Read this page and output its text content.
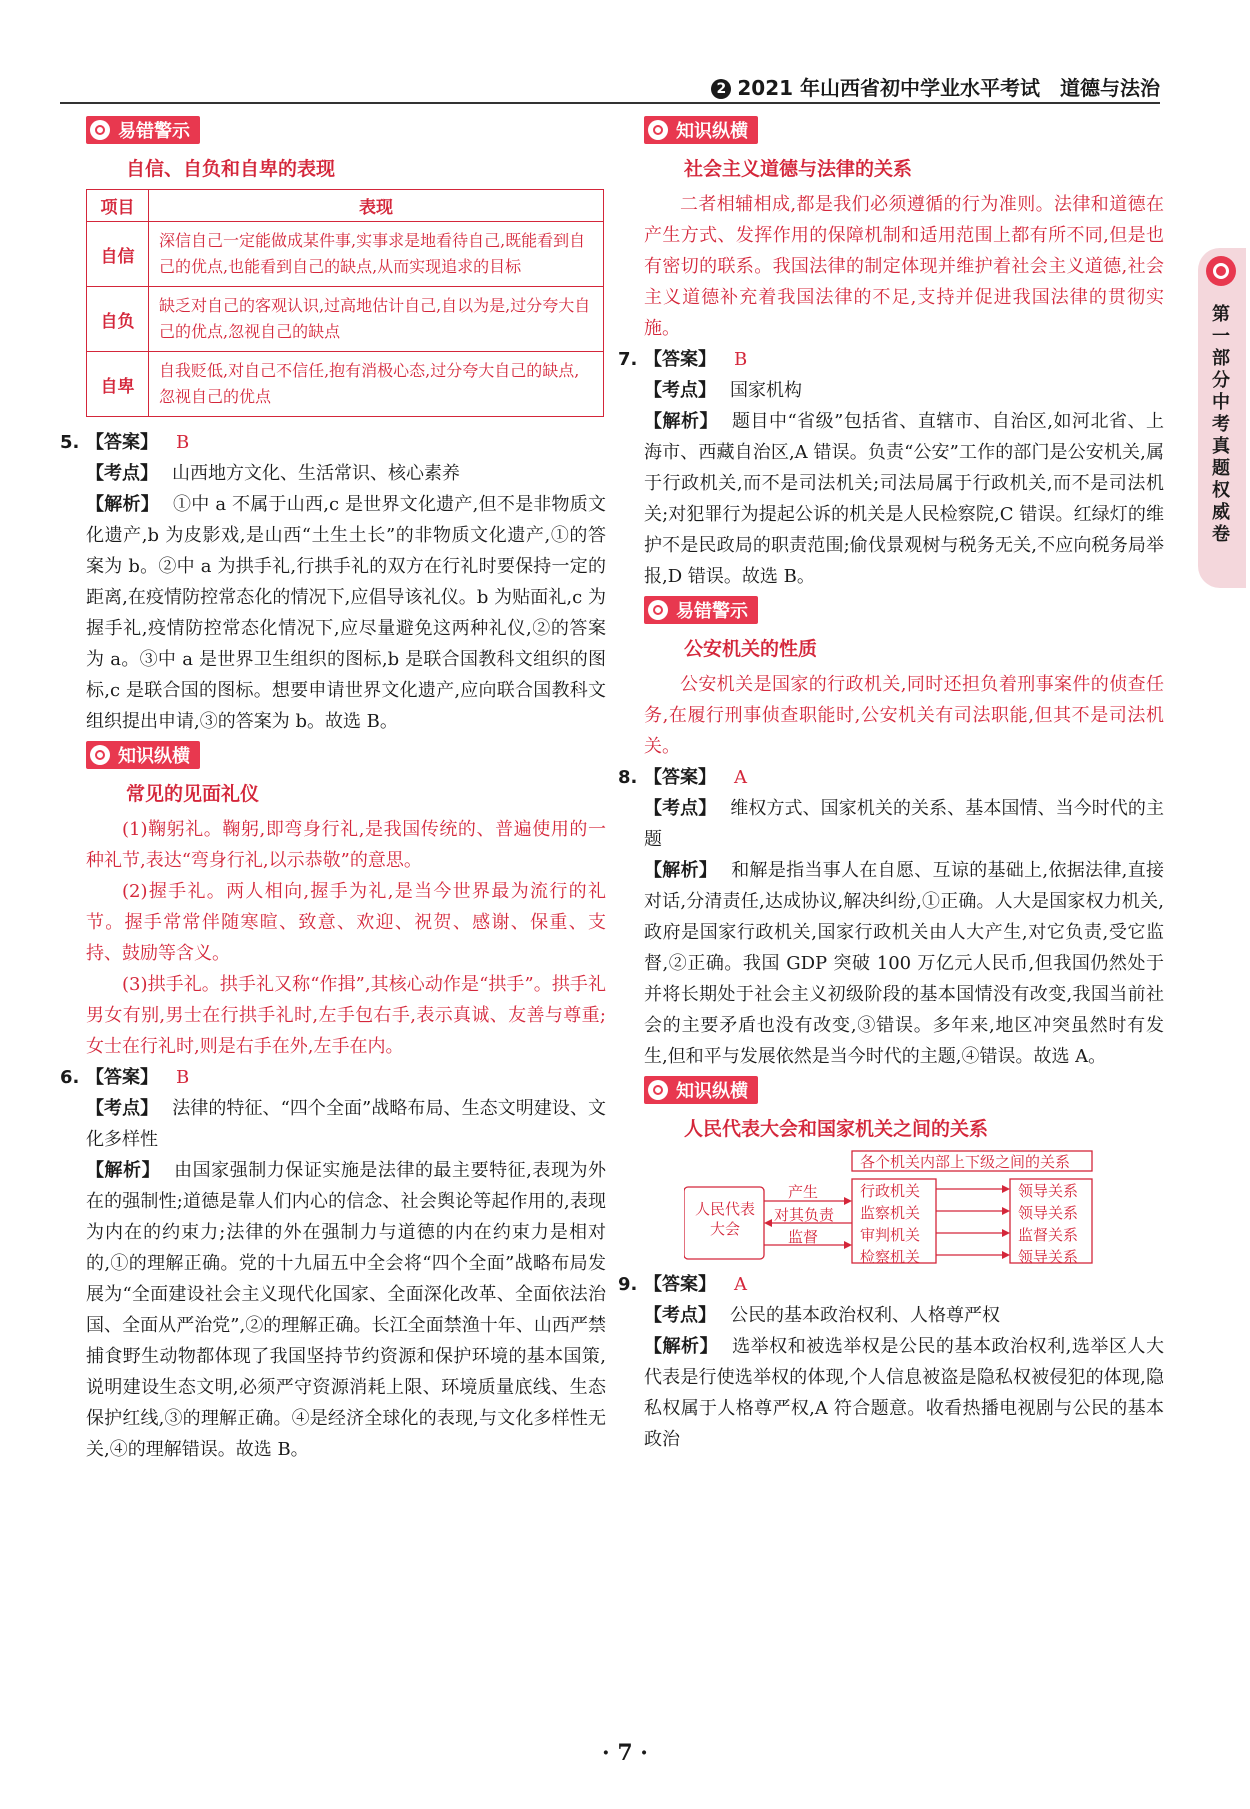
2 2021 年山西省初中学业水平考试 道德与法治
第一部分 中考真题 权威卷
易错警示
自信、自负和自卑的表现
项目	表现
自信	深信自己一定能做成某件事,实事求是地看待自己,既能看到自己的优点,也能看到自己的缺点,从而实现追求的目标
自负	缺乏对自己的客观认识,过高地估计自己,自以为是,过分夸大自己的优点,忽视自己的缺点
自卑	自我贬低,对自己不信任,抱有消极心态,过分夸大自己的缺点,忽视自己的优点
5. 【答案】 B
【考点】 山西地方文化、生活常识、核心素养
【解析】 ①中 a 不属于山西,c 是世界文化遗产,但不是非物质文化遗产,b 为皮影戏,是山西“土生土长”的非物质文化遗产,①的答案为 b。②中 a 为拱手礼,行拱手礼的双方在行礼时要保持一定的距离,在疫情防控常态化的情况下,应倡导该礼仪。b 为贴面礼,c 为握手礼,疫情防控常态化情况下,应尽量避免这两种礼仪,②的答案为 a。③中 a 是世界卫生组织的图标,b 是联合国教科文组织的图标,c 是联合国的图标。想要申请世界文化遗产,应向联合国教科文组织提出申请,③的答案为 b。故选 B。
知识纵横
常见的见面礼仪
(1)鞠躬礼。鞠躬,即弯身行礼,是我国传统的、普遍使用的一种礼节,表达“弯身行礼,以示恭敬”的意思。
(2)握手礼。两人相向,握手为礼,是当今世界最为流行的礼节。握手常常伴随寒暄、致意、欢迎、祝贺、感谢、保重、支持、鼓励等含义。
(3)拱手礼。拱手礼又称“作揖”,其核心动作是“拱手”。拱手礼男女有别,男士在行拱手礼时,左手包右手,表示真诚、友善与尊重;女士在行礼时,则是右手在外,左手在内。
6. 【答案】 B
【考点】 法律的特征、“四个全面”战略布局、生态文明建设、文化多样性
【解析】 由国家强制力保证实施是法律的最主要特征,表现为外在的强制性;道德是靠人们内心的信念、社会舆论等起作用的,表现为内在的约束力;法律的外在强制力与道德的内在约束力是相对的,①的理解正确。党的十九届五中全会将“四个全面”战略布局发展为“全面建设社会主义现代化国家、全面深化改革、全面依法治国、全面从严治党”,②的理解正确。长江全面禁渔十年、山西严禁捕食野生动物都体现了我国坚持节约资源和保护环境的基本国策,说明建设生态文明,必须严守资源消耗上限、环境质量底线、生态保护红线,③的理解正确。④是经济全球化的表现,与文化多样性无关,④的理解错误。故选 B。
知识纵横
社会主义道德与法律的关系
二者相辅相成,都是我们必须遵循的行为准则。法律和道德在产生方式、发挥作用的保障机制和适用范围上都有所不同,但是也有密切的联系。我国法律的制定体现并维护着社会主义道德,社会主义道德补充着我国法律的不足,支持并促进我国法律的贯彻实施。
7. 【答案】 B
【考点】 国家机构
【解析】 题目中“省级”包括省、直辖市、自治区,如河北省、上海市、西藏自治区,A 错误。负责“公安”工作的部门是公安机关,属于行政机关,而不是司法机关;司法局属于行政机关,而不是司法机关;对犯罪行为提起公诉的机关是人民检察院,C 错误。红绿灯的维护不是民政局的职责范围;偷伐景观树与税务无关,不应向税务局举报,D 错误。故选 B。
易错警示
公安机关的性质
公安机关是国家的行政机关,同时还担负着刑事案件的侦查任务,在履行刑事侦查职能时,公安机关有司法职能,但其不是司法机关。
8. 【答案】 A
【考点】 维权方式、国家机关的关系、基本国情、当今时代的主题
【解析】 和解是指当事人在自愿、互谅的基础上,依据法律,直接对话,分清责任,达成协议,解决纠纷,①正确。人大是国家权力机关,政府是国家行政机关,国家行政机关由人大产生,对它负责,受它监督,②正确。我国 GDP 突破 100 万亿元人民币,但我国仍然处于并将长期处于社会主义初级阶段的基本国情没有改变,我国当前社会的主要矛盾也没有改变,③错误。多年来,地区冲突虽然时有发生,但和平与发展依然是当今时代的主题,④错误。故选 A。
知识纵横
人民代表大会和国家机关之间的关系
各个机关内部上下级之间的关系
人民代表大会
产生
对其负责
监督
行政机关
监察机关
审判机关
检察机关
领导关系
领导关系
监督关系
领导关系
9. 【答案】 A
【考点】 公民的基本政治权利、人格尊严权
【解析】 选举权和被选举权是公民的基本政治权利,选举区人大代表是行使选举权的体现,个人信息被盗是隐私权被侵犯的体现,隐私权属于人格尊严权,A 符合题意。收看热播电视剧与公民的基本政治
· 7 ·
